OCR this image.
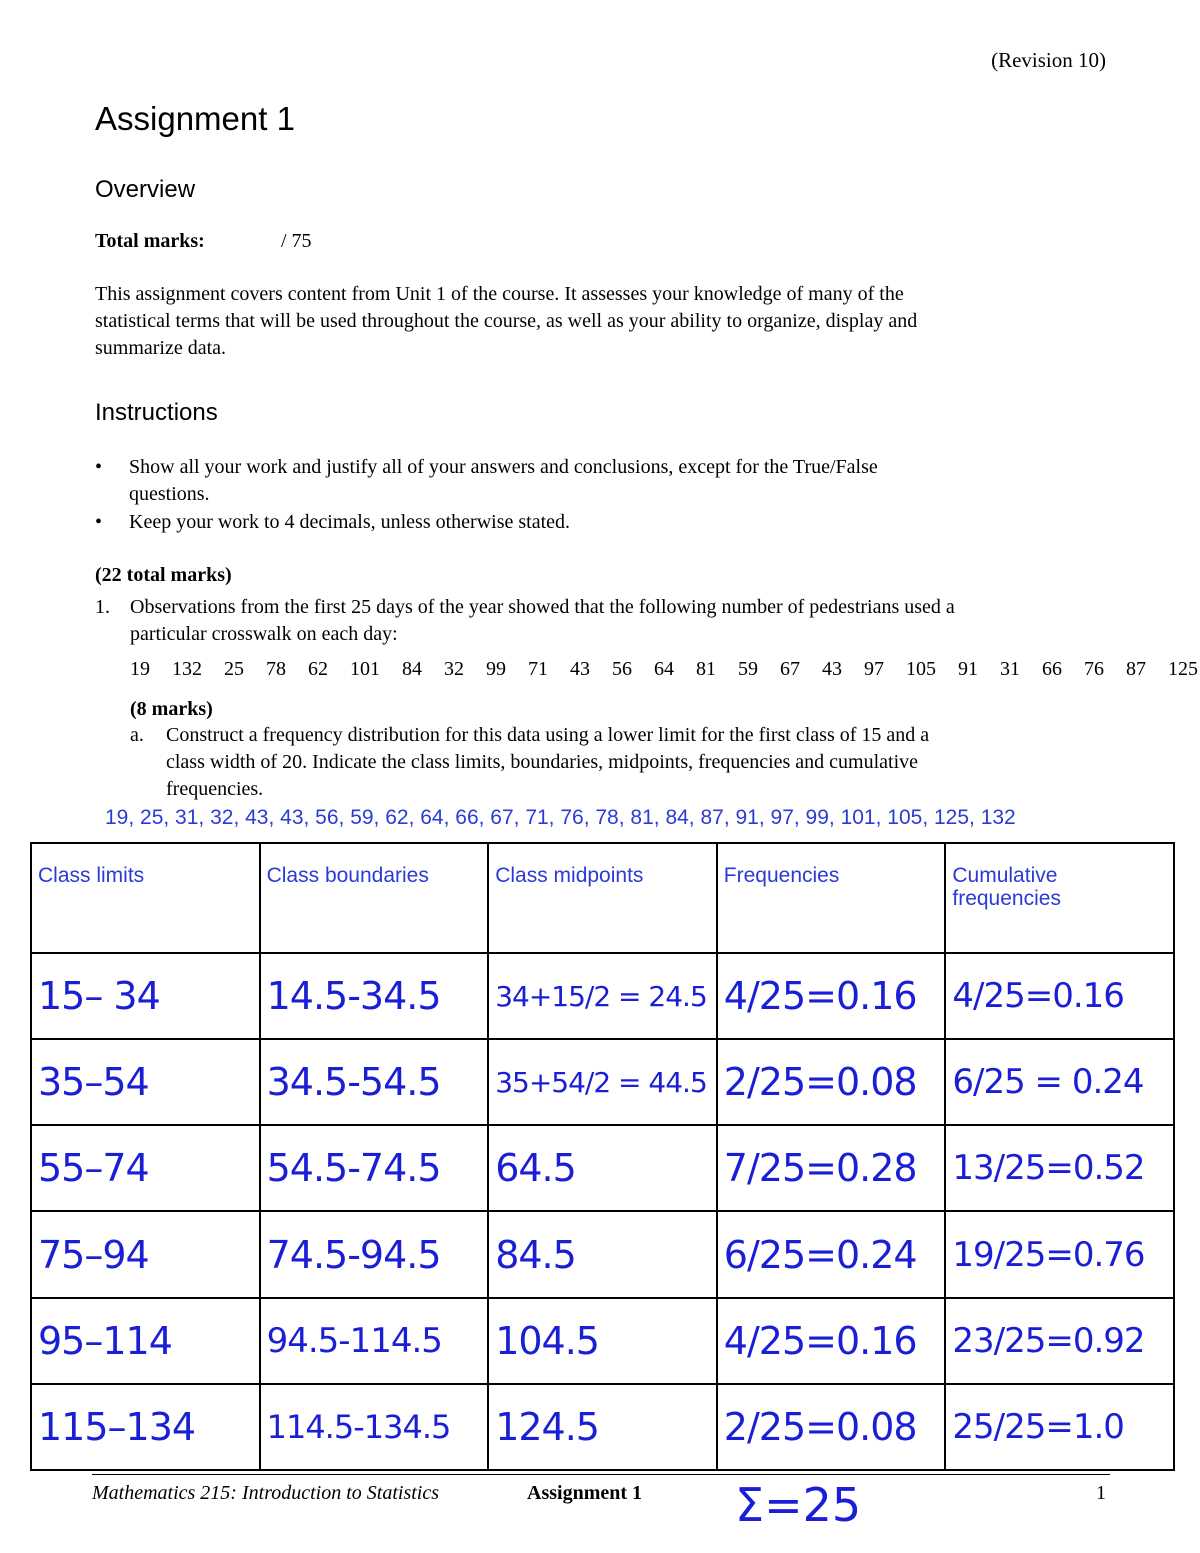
(Revision 10)
Assignment 1
Overview
Total marks:	/ 75

This assignment covers content from Unit 1 of the course. It assesses your knowledge of many of the
statistical terms that will be used throughout the course, as well as your ability to organize, display and
summarize data.

Instructions
• Show all your work and justify all of your answers and conclusions, except for the True/False
questions.
• Keep your work to 4 decimals, unless otherwise stated.
(22 total marks)
1. Observations from the first 25 days of the year showed that the following number of pedestrians used a
particular crosswalk on each day:

19  132  25  78  62  101  84  32  99  71  43  56  64  81  59  67  43  97  105  91  31  66  76  87  125
(8 marks)
a. Construct a frequency distribution for this data using a lower limit for the first class of 15 and a
class width of 20. Indicate the class limits, boundaries, midpoints, frequencies and cumulative
frequencies.

19, 25, 31, 32, 43, 43, 56, 59, 62, 64, 66, 67, 71, 76, 78, 81, 84, 87, 91, 97, 99, 101, 105, 125, 132
Class limits	Class boundaries	Class midpoints	Frequencies	Cumulative frequencies
15– 34	14.5-34.5	34+15/2 = 24.5	4/25=0.16	4/25=0.16
35–54	34.5-54.5	35+54/2 = 44.5	2/25=0.08	6/25 = 0.24
55–74	54.5-74.5	64.5	7/25=0.28	13/25=0.52
75–94	74.5-94.5	84.5	6/25=0.24	19/25=0.76
95–114	94.5-114.5	104.5	4/25=0.16	23/25=0.92
115–134	114.5-134.5	124.5	2/25=0.08	25/25=1.0
Mathematics 215: Introduction to Statistics	Assignment 1 Σ=25	1
